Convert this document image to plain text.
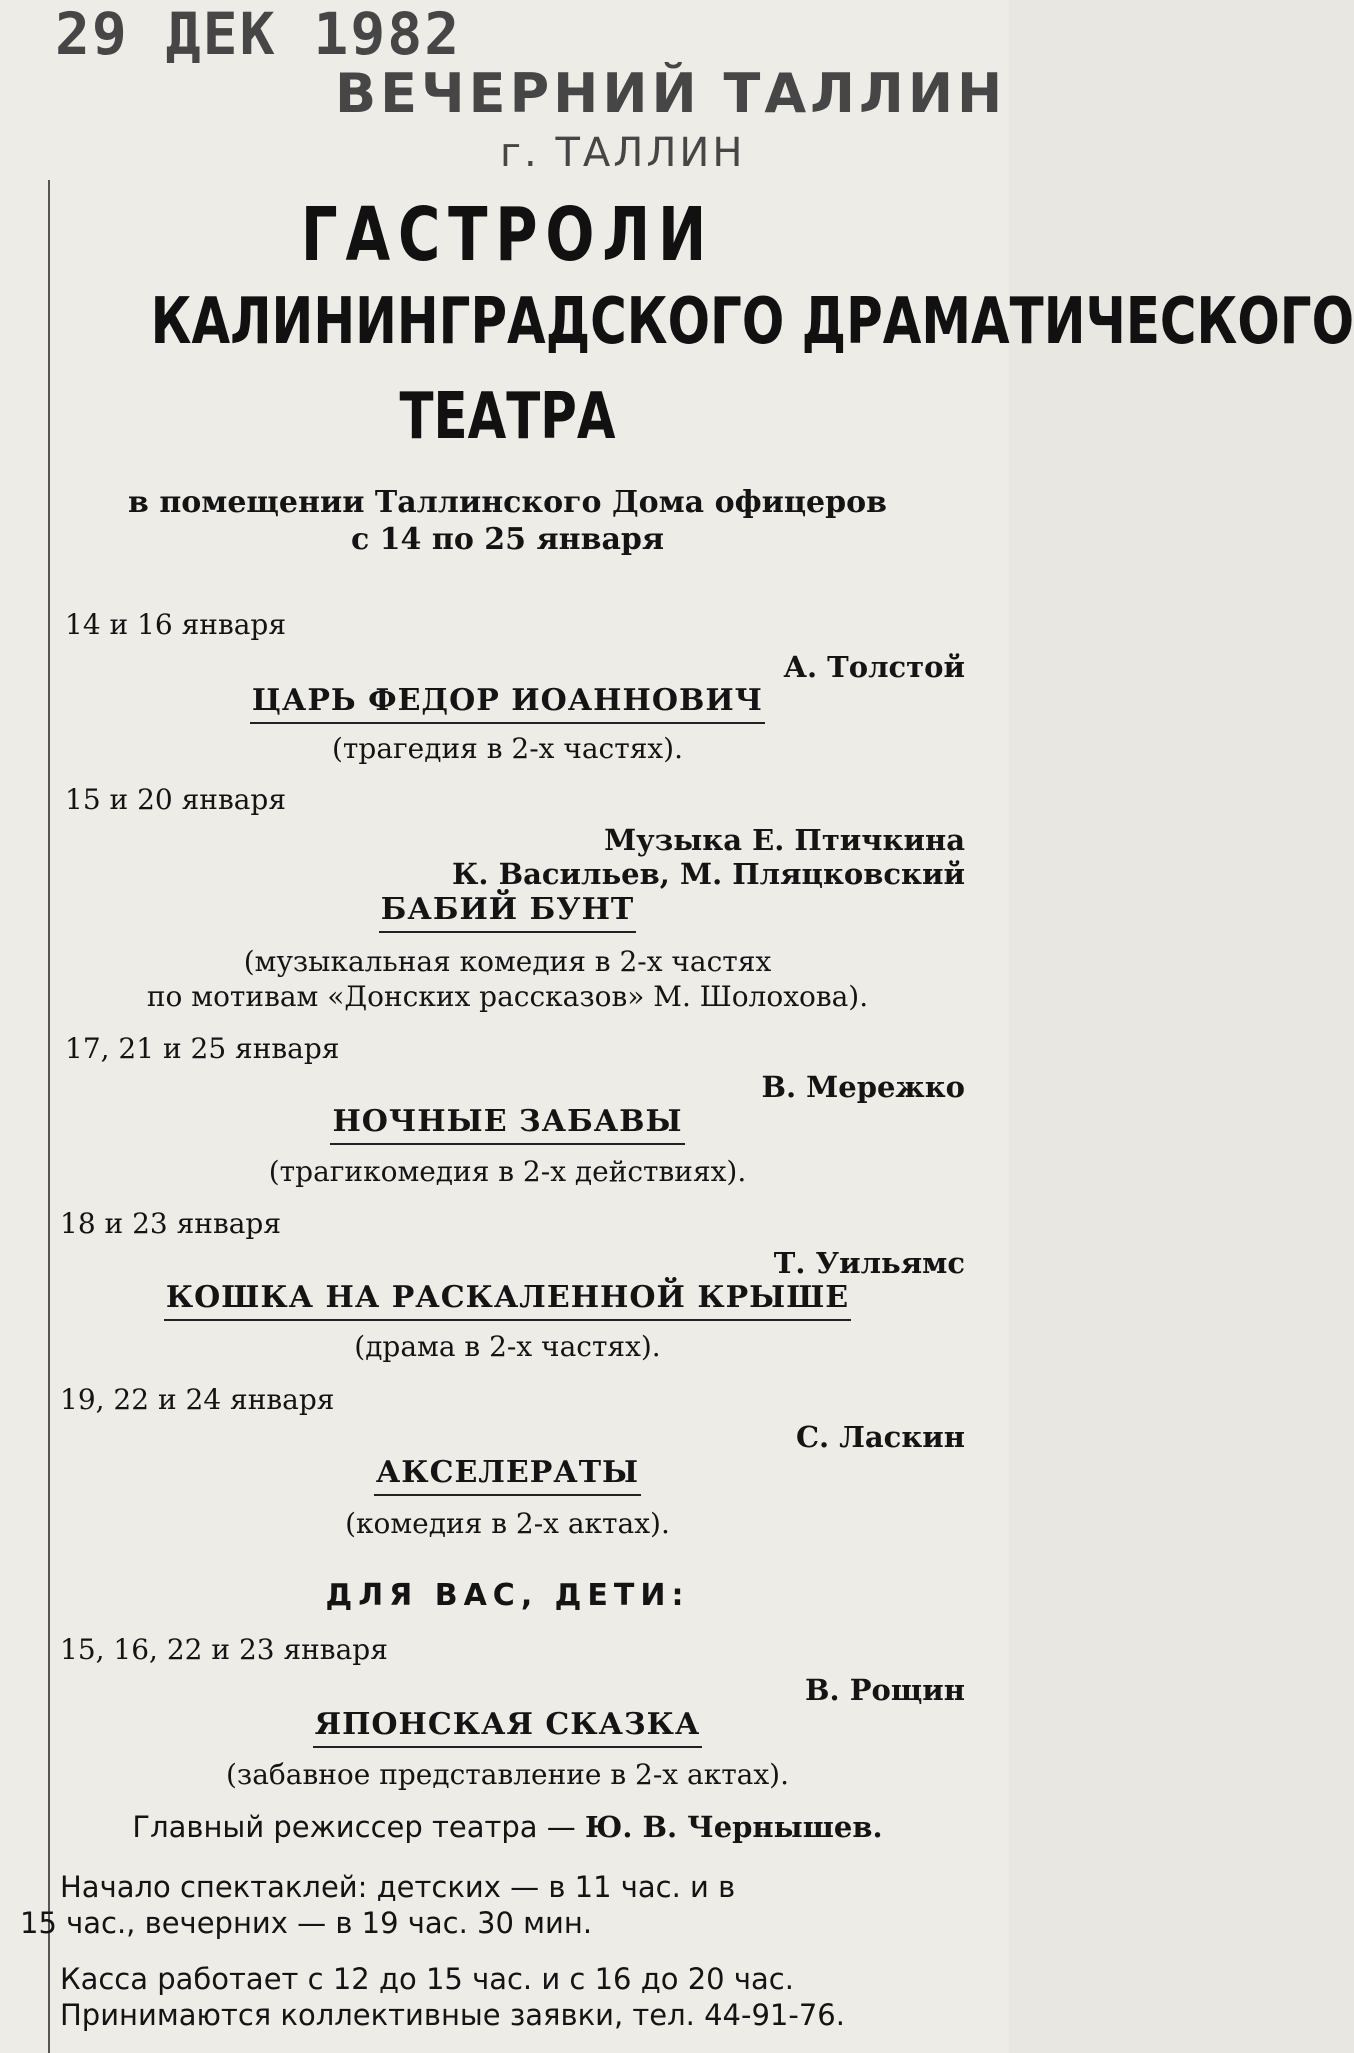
29 ДЕК 1982
ВЕЧЕРНИЙ ТАЛЛИН
г. ТАЛЛИН
ГАСТРОЛИ
КАЛИНИНГРАДСКОГО ДРАМАТИЧЕСКОГО
ТЕАТРА
в помещении Таллинского Дома офицеров
с 14 по 25 января
14 и 16 января
А. Толстой
ЦАРЬ ФЕДОР ИОАННОВИЧ
(трагедия в 2-х частях).
15 и 20 января
Музыка Е. Птичкина
К. Васильев, М. Пляцковский
БАБИЙ БУНТ
(музыкальная комедия в 2-х частях
по мотивам «Донских рассказов» М. Шолохова).
17, 21 и 25 января
В. Мережко
НОЧНЫЕ ЗАБАВЫ
(трагикомедия в 2-х действиях).
18 и 23 января
Т. Уильямс
КОШКА НА РАСКАЛЕННОЙ КРЫШЕ
(драма в 2-х частях).
19, 22 и 24 января
С. Ласкин
АКСЕЛЕРАТЫ
(комедия в 2-х актах).
ДЛЯ ВАС, ДЕТИ:
15, 16, 22 и 23 января
В. Рощин
ЯПОНСКАЯ СКАЗКА
(забавное представление в 2-х актах).
Главный режиссер театра — Ю. В. Чернышев.
Начало спектаклей: детских — в 11 час. и в
15 час., вечерних — в 19 час. 30 мин.
Касса работает с 12 до 15 час. и с 16 до 20 час.
Принимаются коллективные заявки, тел. 44-91-76.
